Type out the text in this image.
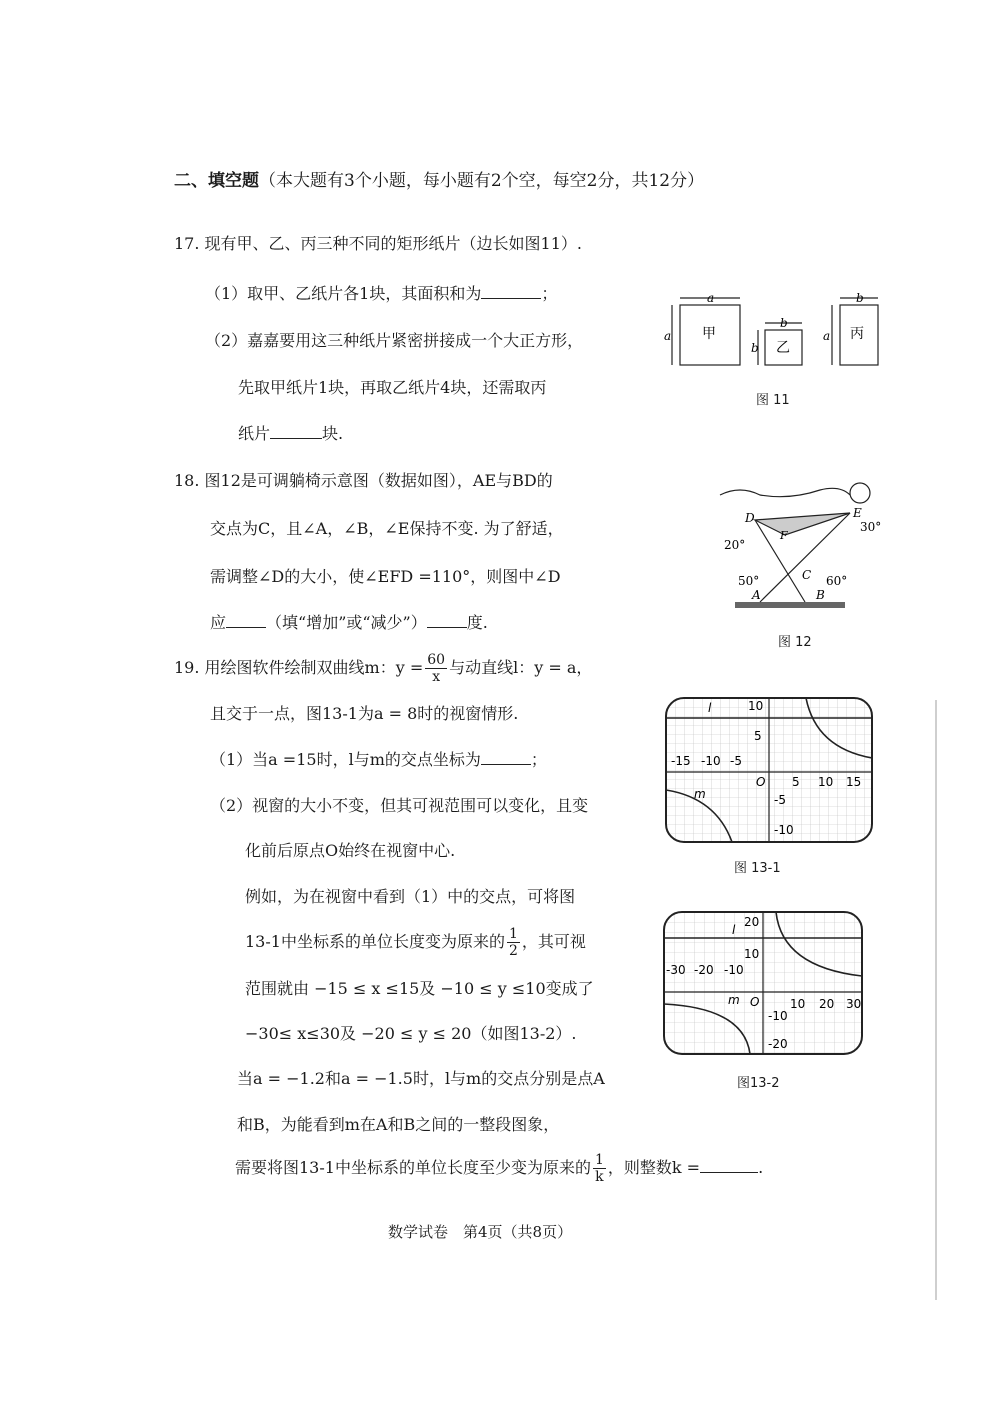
二、填空题（本大题有3个小题，每小题有2个空，每空2分，共12分）
17. 现有甲、乙、丙三种不同的矩形纸片（边长如图11）.
（1）取甲、乙纸片各1块，其面积和为	；
（2）嘉嘉要用这三种纸片紧密拼接成一个大正方形，
先取甲纸片1块，再取乙纸片4块，还需取丙
纸片	块.
a
b
b
a
b
a
甲
乙
丙
图 11
18. 图12是可调躺椅示意图（数据如图），AE与BD的
交点为C，且∠A，∠B，∠E保持不变. 为了舒适，
需调整∠D的大小，使∠EFD =110°，则图中∠D
应	（填“增加”或“减少”）	度.
D	E
F
C
A	B
20°
30°
50°	60°
图 12
19. 用绘图软件绘制双曲线m：$y = \frac{60}{x}$ 与动直线l：y = a，
且交于一点，图13-1为a = 8时的视窗情形.
（1）当a =15时，l与m的交点坐标为	；
（2）视窗的大小不变，但其可视范围可以变化，且变
化前后原点O始终在视窗中心.
例如，为在视窗中看到（1）中的交点，可将图
13-1中坐标系的单位长度变为原来的 $\frac{1}{2}$ ，其可视
范围就由 −15 ≤ x ≤15及 −10 ≤ y ≤10变成了
−30≤ x≤30及 −20 ≤ y ≤ 20（如图13-2）.
当a = −1.2和a = −1.5时，l与m的交点分别是点A
和B，为能看到m在A和B之间的一整段图象，
需要将图13-1中坐标系的单位长度至少变为原来的 $\frac{1}{k}$ ，则整数k =	.
-15 -10 -5
5 10 15
10
5
-5
-10
O
l
m
图 13-1
-30 -20 -10
10 20 30
20
10
-10
-20
O
l
m
图13-2
数学试卷　第4页（共8页）
